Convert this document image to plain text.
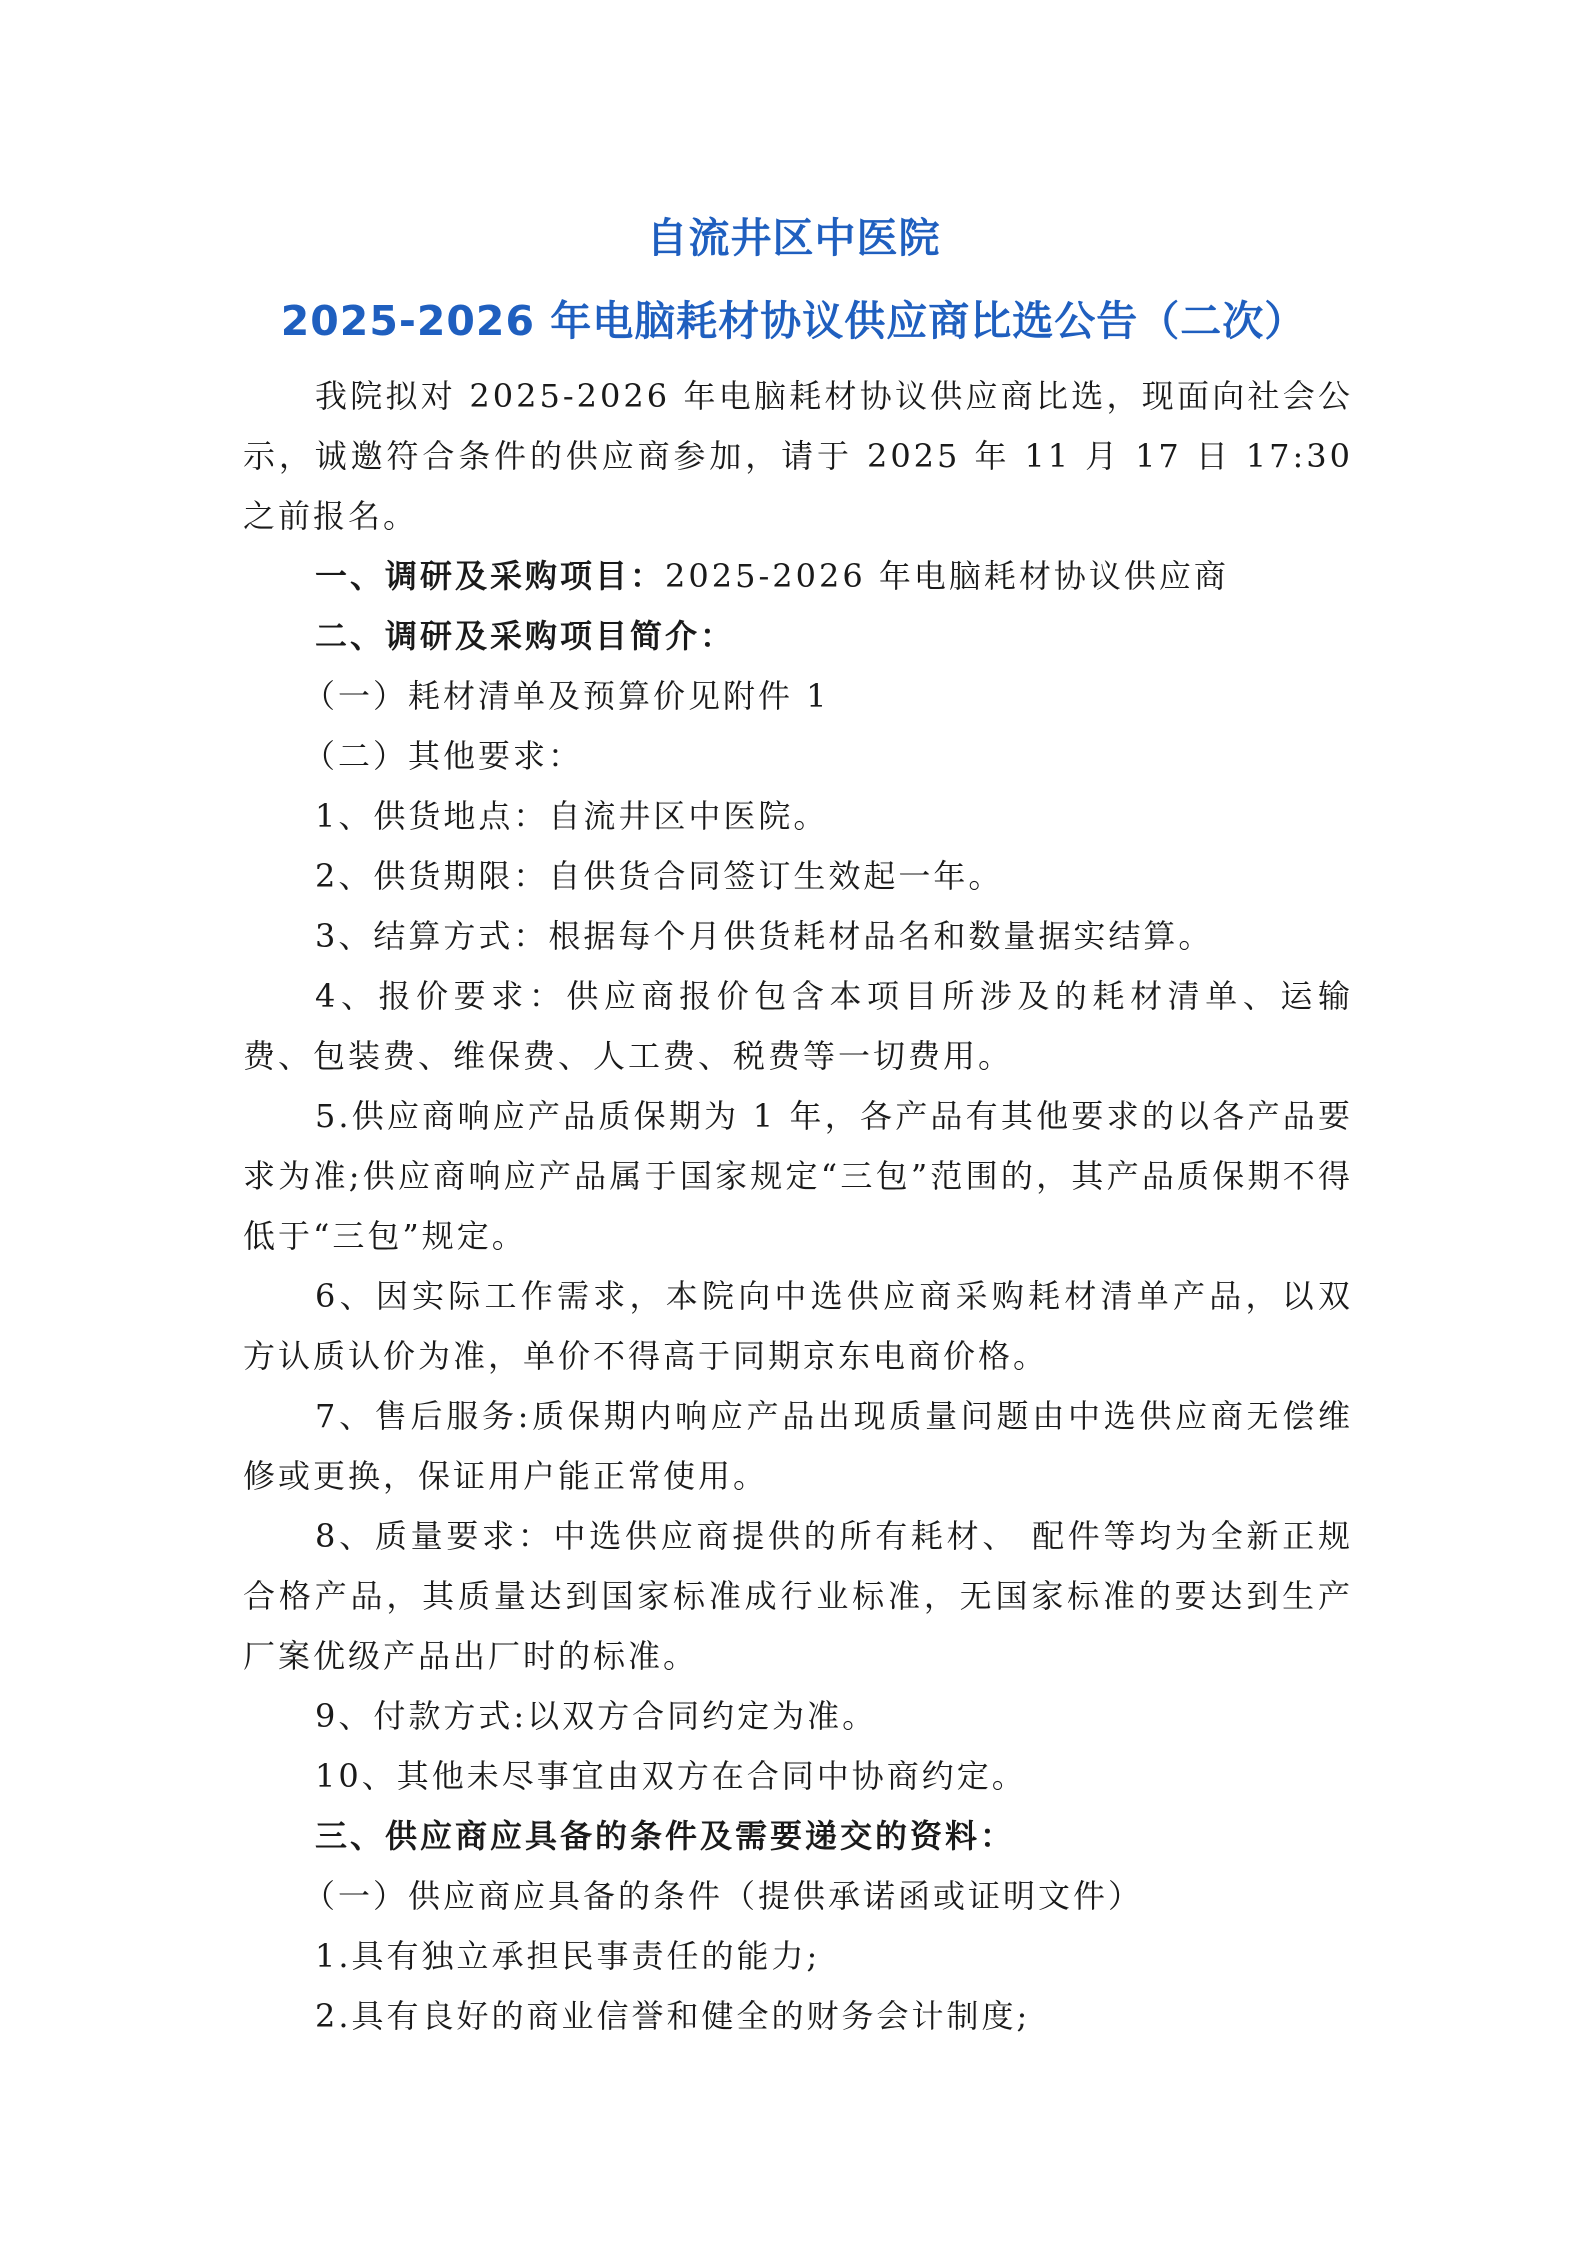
自流井区中医院
2025-2026 年电脑耗材协议供应商比选公告（二次）

我院拟对 2025-2026 年电脑耗材协议供应商比选，现面向社会公示，诚邀符合条件的供应商参加，请于 2025 年 11 月 17 日 17:30 之前报名。

一、调研及采购项目：2025-2026 年电脑耗材协议供应商

二、调研及采购项目简介：

（一）耗材清单及预算价见附件 1

（二）其他要求：

1、供货地点：自流井区中医院。

2、供货期限：自供货合同签订生效起一年。

3、结算方式：根据每个月供货耗材品名和数量据实结算。

4、报价要求：供应商报价包含本项目所涉及的耗材清单、运输费、包装费、维保费、人工费、税费等一切费用。

5.供应商响应产品质保期为 1 年，各产品有其他要求的以各产品要求为准;供应商响应产品属于国家规定“三包”范围的，其产品质保期不得低于“三包”规定。

6、因实际工作需求，本院向中选供应商采购耗材清单产品，以双方认质认价为准，单价不得高于同期京东电商价格。

7、售后服务:质保期内响应产品出现质量问题由中选供应商无偿维修或更换，保证用户能正常使用。

8、质量要求：中选供应商提供的所有耗材、 配件等均为全新正规合格产品，其质量达到国家标准成行业标准，无国家标准的要达到生产厂案优级产品出厂时的标准。

9、付款方式:以双方合同约定为准。

10、其他未尽事宜由双方在合同中协商约定。

三、供应商应具备的条件及需要递交的资料：

（一）供应商应具备的条件（提供承诺函或证明文件）

1.具有独立承担民事责任的能力;

2.具有良好的商业信誉和健全的财务会计制度;
